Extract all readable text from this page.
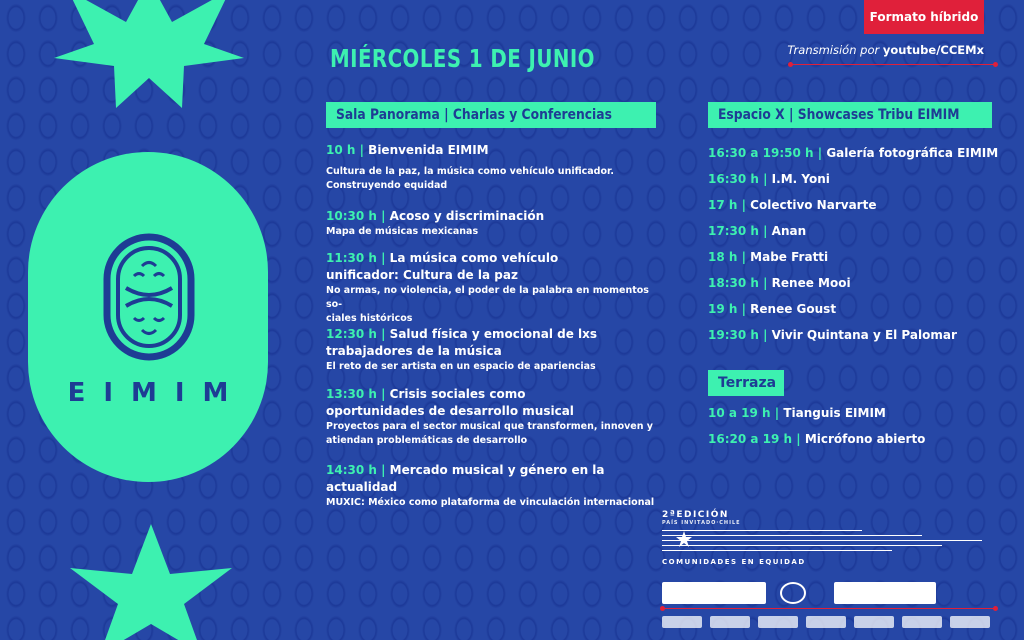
EIMIM
Formato híbrido
Transmisión por youtube/CCEMx
MIÉRCOLES 1 DE JUNIO
Sala Panorama | Charlas y Conferencias
10 h | Bienvenida EIMIM
Cultura de la paz, la música como vehículo unificador.
Construyendo equidad
10:30 h | Acoso y discriminación
Mapa de músicas mexicanas
11:30 h | La música como vehículo unificador: Cultura de la paz
No armas, no violencia, el poder de la palabra en momentos so-
ciales históricos
12:30 h | Salud física y emocional de lxs trabajadores de la música
El reto de ser artista en un espacio de apariencias
13:30 h | Crisis sociales como oportunidades de desarrollo musical
Proyectos para el sector musical que transformen, innoven y
atiendan problemáticas de desarrollo
14:30 h | Mercado musical y género en la actualidad
MUXIC: México como plataforma de vinculación internacional
Espacio X | Showcases Tribu EIMIM
16:30 a 19:50 h | Galería fotográfica EIMIM
16:30 h | I.M. Yoni
17 h | Colectivo Narvarte
17:30 h | Anan
18 h | Mabe Fratti
18:30 h | Renee Mooi
19 h | Renee Goust
19:30 h | Vivir Quintana y El Palomar
Terraza
10 a 19 h | Tianguis EIMIM
16:20 a 19 h | Micrófono abierto
2ªEDICIÓN
PAÍS INVITADO·CHILE
COMUNIDADES EN EQUIDAD
